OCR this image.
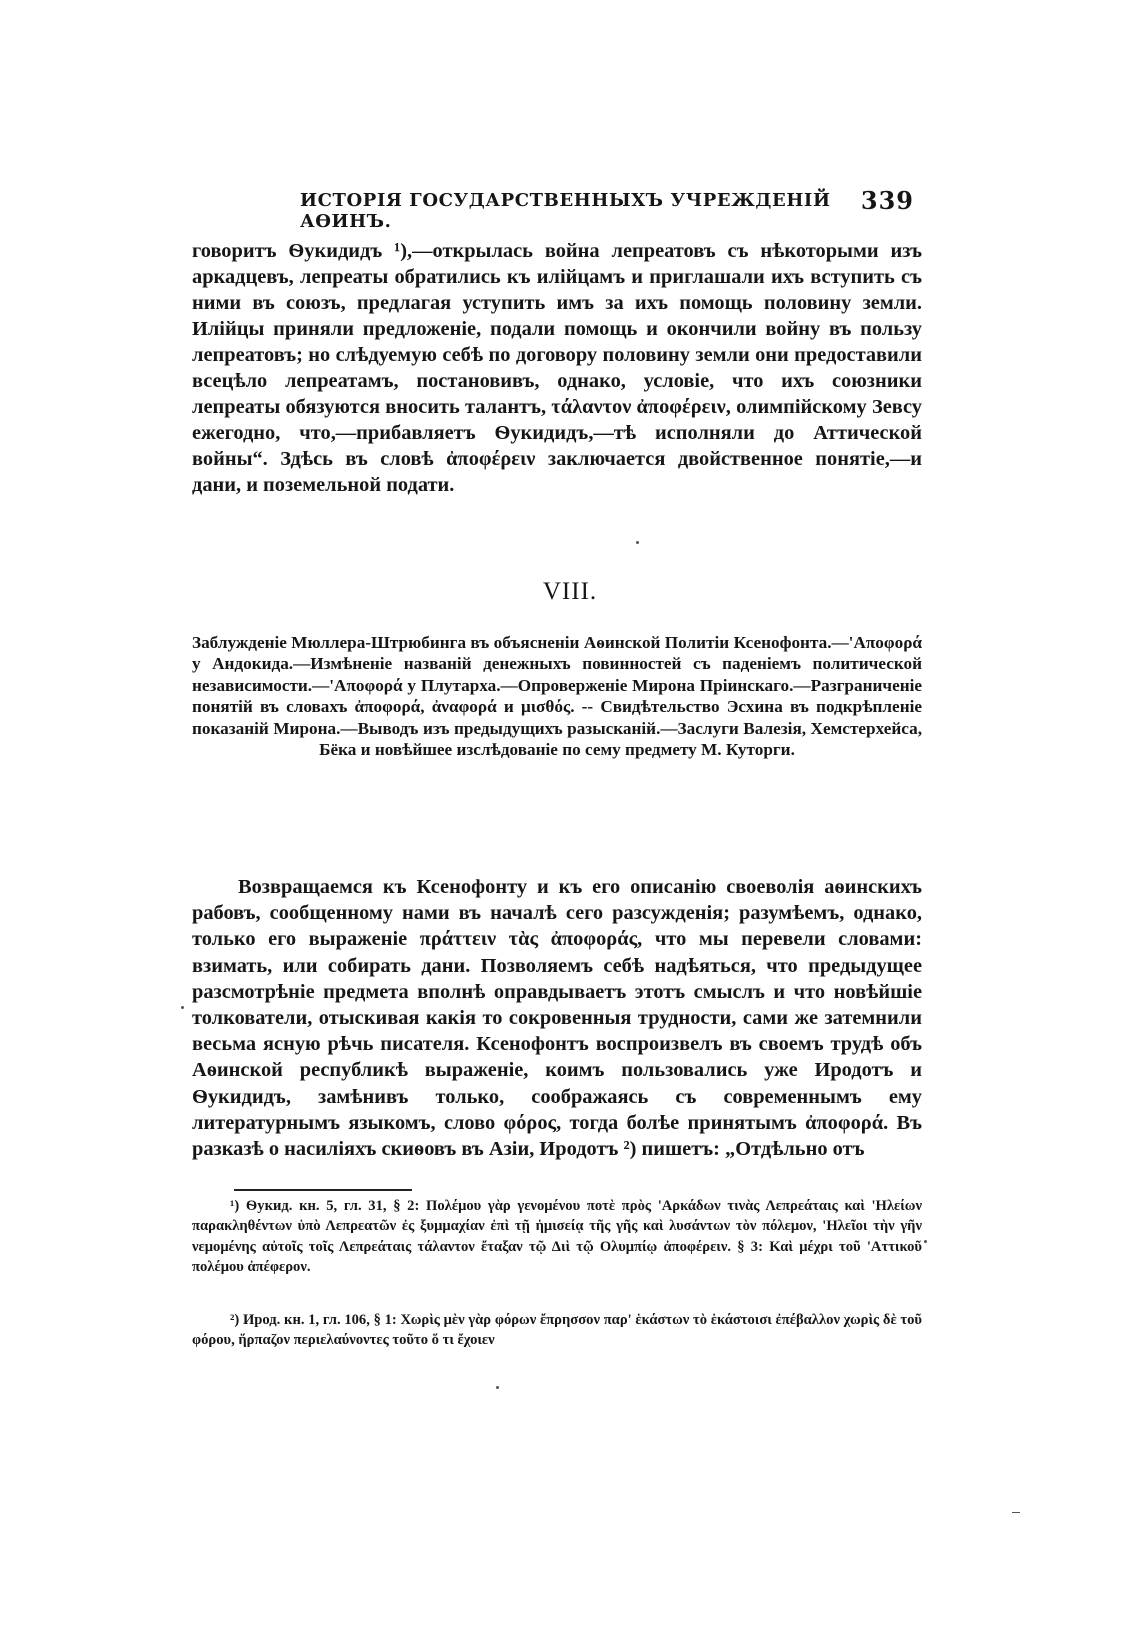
ИСТОРІЯ ГОСУДАРСТВЕННЫХЪ УЧРЕЖДЕНІЙ АѲИНЪ.
339

говоритъ Ѳукидидъ ¹),—открылась война лепреатовъ съ нѣкоторыми изъ аркадцевъ, лепреаты обратились къ илійцамъ и приглашали ихъ вступить съ ними въ союзъ, предлагая уступить имъ за ихъ помощь половину земли. Илійцы приняли предложеніе, подали помощь и окончили войну въ пользу лепреатовъ; но слѣдуемую себѣ по договору половину земли они предоставили всецѣло лепреатамъ, постановивъ, однако, условіе, что ихъ союзники лепреаты обязуются вносить талантъ, τάλαντον ἀποφέρειν, олимпійскому Зевсу ежегодно, что,—прибавляетъ Ѳукидидъ,—тѣ исполняли до Аттической войны“. Здѣсь въ словѣ ἀποφέρειν заключается двойственное понятіе,—и дани, и поземельной подати.

VIII.

Заблужденіе Мюллера-Штрюбинга въ объясненіи Аѳинской Политіи Ксенофонта.—'Αποφορά у Андокида.—Измѣненіе названій денежныхъ повинностей съ паденіемъ политической независимости.—'Αποφορά у Плутарха.—Опроверженіе Мирона Пріинскаго.—Разграниченіе понятій въ словахъ ἀποφορά, ἀναφορά и μισθός. -- Свидѣтельство Эсхина въ подкрѣпленіе показаній Мирона.—Выводъ изъ предыдущихъ разысканій.—Заслуги Валезія, Хемстерхейса, Бёка и новѣйшее изслѣдованіе по сему предмету М. Куторги.

Возвращаемся къ Ксенофонту и къ его описанію своеволія аѳинскихъ рабовъ, сообщенному нами въ началѣ сего разсужденія; разумѣемъ, однако, только его выраженіе πράττειν τὰς ἀποφοράς, что мы перевели словами: взимать, или собирать дани. Позволяемъ себѣ надѣяться, что предыдущее разсмотрѣніе предмета вполнѣ оправдываетъ этотъ смыслъ и что новѣйшіе толкователи, отыскивая какія то сокровенныя трудности, сами же затемнили весьма ясную рѣчь писателя. Ксенофонтъ воспроизвелъ въ своемъ трудѣ объ Аѳинской республикѣ выраженіе, коимъ пользовались уже Иродотъ и Ѳукидидъ, замѣнивъ только, соображаясь съ современнымъ ему литературнымъ языкомъ, слово φόρος, тогда болѣе принятымъ ἀποφορά. Въ разказѣ о насиліяхъ скиѳовъ въ Азіи, Иродотъ ²) пишетъ: „Отдѣльно отъ

¹) Ѳукид. кн. 5, гл. 31, § 2: Πολέμου γὰρ γενομένου ποτὲ πρὸς 'Αρκάδων τινὰς Λεπρεάταις καὶ 'Ηλείων παρακληθέντων ὑπὸ Λεπρεατῶν ἐς ξυμμαχίαν ἐπὶ τῇ ἡμισείᾳ τῆς γῆς καὶ λυσάντων τὸν πόλεμον, 'Ηλεῖοι τὴν γῆν νεμομένης αὐτοῖς τοῖς Λεπρεάταις τάλαντον ἔταξαν τῷ Διὶ τῷ Ολυμπίῳ ἀποφέρειν. § 3: Καὶ μέχρι τοῦ 'Αττικοῦ πολέμου ἀπέφερον.

²) Ирод. кн. 1, гл. 106, § 1: Χωρὶς μὲν γὰρ φόρων ἔπρησσον παρ' ἑκάστων τὸ ἑκάστοισι ἐπέβαλλον χωρὶς δὲ τοῦ φόρου, ἥρπαζον περιελαύνοντες τοῦτο ὅ τι ἔχοιεν
